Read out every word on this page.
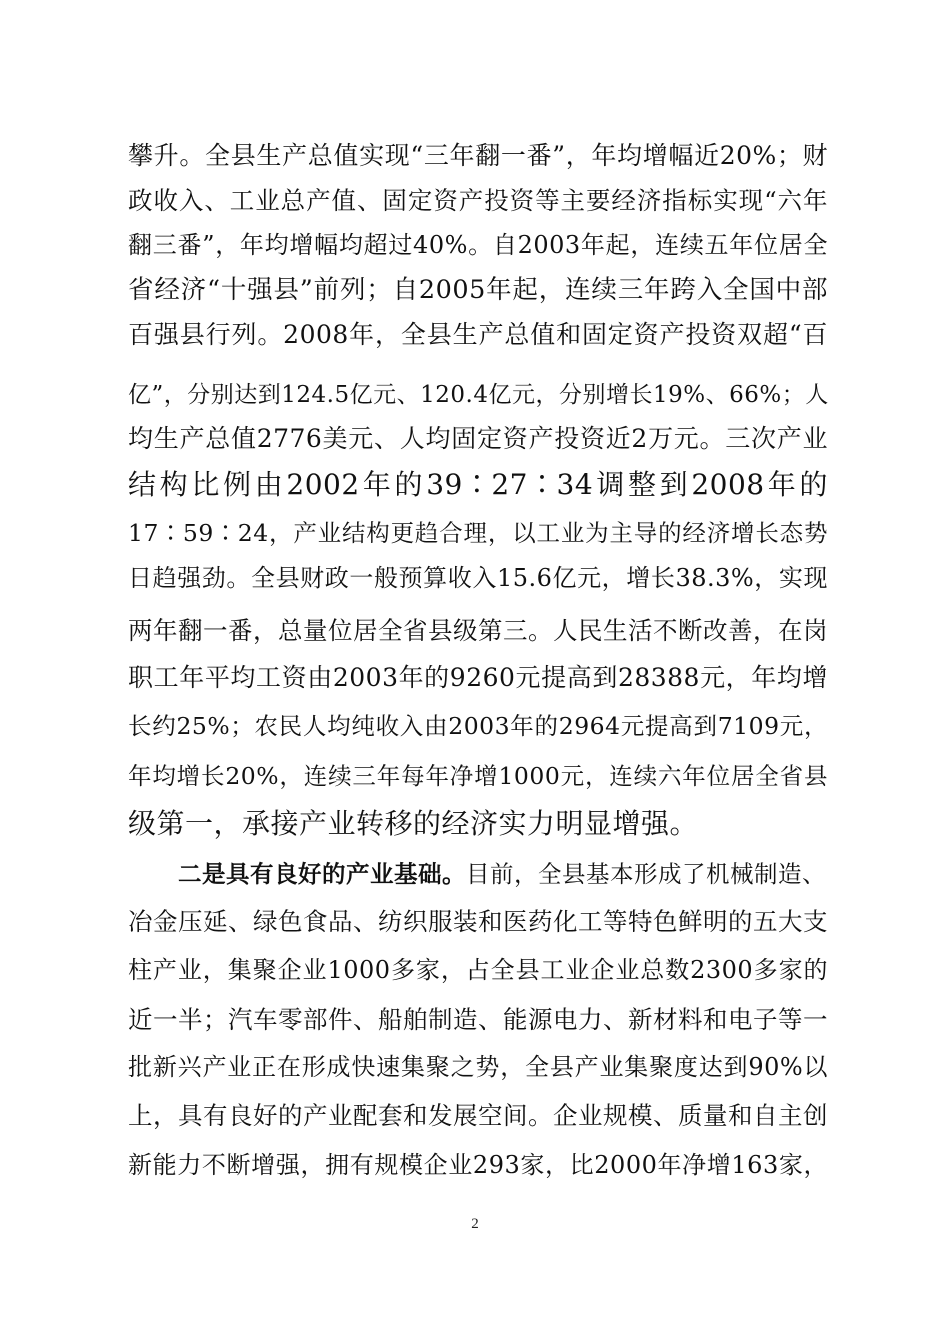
攀升。全县生产总值实现“三年翻一番”，年均增幅近20%；财
政收入、工业总产值、固定资产投资等主要经济指标实现“六年
翻三番”，年均增幅均超过40%。自2003年起，连续五年位居全
省经济“十强县”前列；自2005年起，连续三年跨入全国中部
百强县行列。2008年，全县生产总值和固定资产投资双超“百
亿”，分别达到124.5亿元、120.4亿元，分别增长19%、66%；人
均生产总值2776美元、人均固定资产投资近2万元。三次产业
结构比例由2002年的39∶27∶34调整到2008年的
17∶59∶24，产业结构更趋合理，以工业为主导的经济增长态势
日趋强劲。全县财政一般预算收入15.6亿元，增长38.3%，实现
两年翻一番，总量位居全省县级第三。人民生活不断改善，在岗
职工年平均工资由2003年的9260元提高到28388元，年均增
长约25%；农民人均纯收入由2003年的2964元提高到7109元，
年均增长20%，连续三年每年净增1000元，连续六年位居全省县
级第一，承接产业转移的经济实力明显增强。
二是具有良好的产业基础。目前，全县基本形成了机械制造、
冶金压延、绿色食品、纺织服装和医药化工等特色鲜明的五大支
柱产业，集聚企业1000多家，占全县工业企业总数2300多家的
近一半；汽车零部件、船舶制造、能源电力、新材料和电子等一
批新兴产业正在形成快速集聚之势，全县产业集聚度达到90%以
上，具有良好的产业配套和发展空间。企业规模、质量和自主创
新能力不断增强，拥有规模企业293家，比2000年净增163家，
2
